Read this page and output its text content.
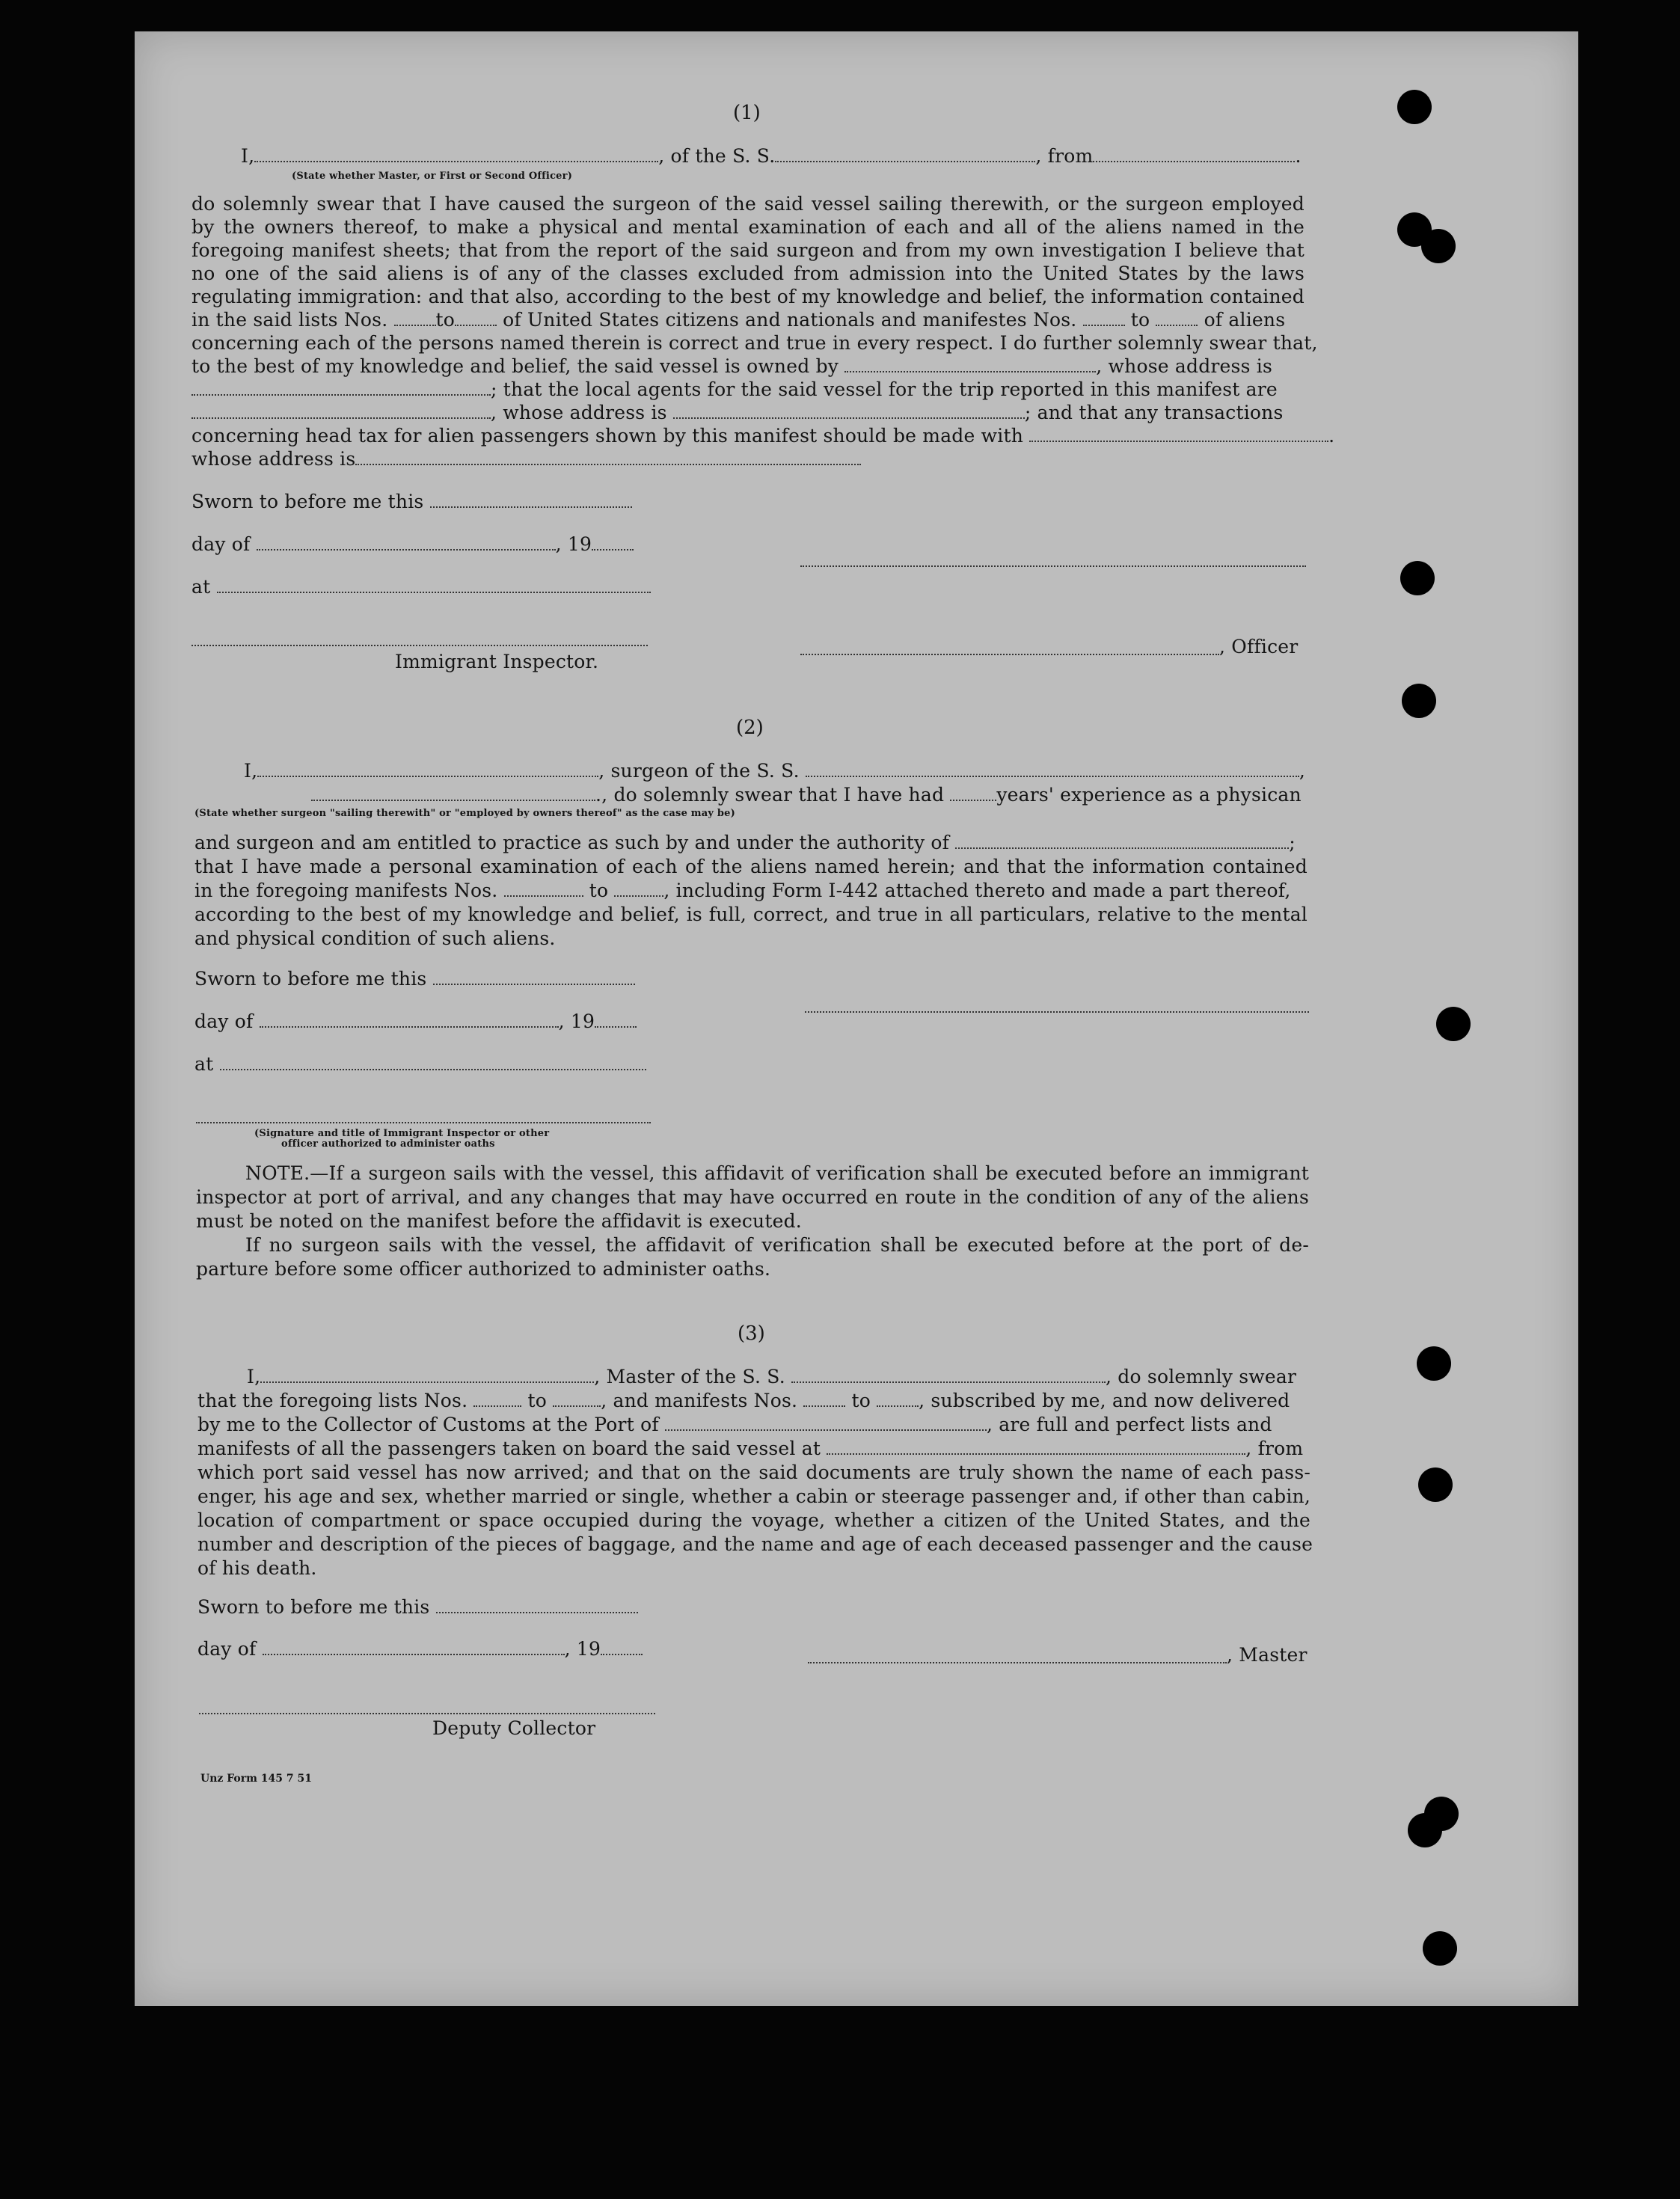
(1)
I,	, of the S. S.	, from	.
(State whether Master, or First or Second Officer)
do solemnly swear that I have caused the surgeon of the said vessel sailing therewith, or the surgeon employed
by the owners thereof, to make a physical and mental examination of each and all of the aliens named in the
foregoing manifest sheets; that from the report of the said surgeon and from my own investigation I believe that
no one of the said aliens is of any of the classes excluded from admission into the United States by the laws
regulating immigration: and that also, according to the best of my knowledge and belief, the information contained
in the said lists Nos.	to	of United States citizens and nationals and manifestes Nos.	to	of aliens
concerning each of the persons named therein is correct and true in every respect. I do further solemnly swear that,
to the best of my knowledge and belief, the said vessel is owned by	, whose address is
; that the local agents for the said vessel for the trip reported in this manifest are
, whose address is	; and that any transactions
concerning head tax for alien passengers shown by this manifest should be made with	.
whose address is
Sworn to before me this
day of	, 19
at
Immigrant Inspector.
, Officer
(2)
I,	, surgeon of the S. S.	,
., do solemnly swear that I have had	years' experience as a physican
(State whether surgeon "sailing therewith" or "employed by owners thereof" as the case may be)
and surgeon and am entitled to practice as such by and under the authority of	;
that I have made a personal examination of each of the aliens named herein; and that the information contained
in the foregoing manifests Nos.	to	, including Form I-442 attached thereto and made a part thereof,
according to the best of my knowledge and belief, is full, correct, and true in all particulars, relative to the mental
and physical condition of such aliens.
Sworn to before me this
day of	, 19
at
(Signature and title of Immigrant Inspector or other
officer authorized to administer oaths
NOTE.—If a surgeon sails with the vessel, this affidavit of verification shall be executed before an immigrant
inspector at port of arrival, and any changes that may have occurred en route in the condition of any of the aliens
must be noted on the manifest before the affidavit is executed.
If no surgeon sails with the vessel, the affidavit of verification shall be executed before at the port of de-
parture before some officer authorized to administer oaths.
(3)
I,	, Master of the S. S.	, do solemnly swear
that the foregoing lists Nos.	to	, and manifests Nos.	to	, subscribed by me, and now delivered
by me to the Collector of Customs at the Port of	, are full and perfect lists and
manifests of all the passengers taken on board the said vessel at	, from
which port said vessel has now arrived; and that on the said documents are truly shown the name of each pass-
enger, his age and sex, whether married or single, whether a cabin or steerage passenger and, if other than cabin,
location of compartment or space occupied during the voyage, whether a citizen of the United States, and the
number and description of the pieces of baggage, and the name and age of each deceased passenger and the cause
of his death.
Sworn to before me this
day of	, 19	, Master
Deputy Collector
Unz Form 145 7 51
